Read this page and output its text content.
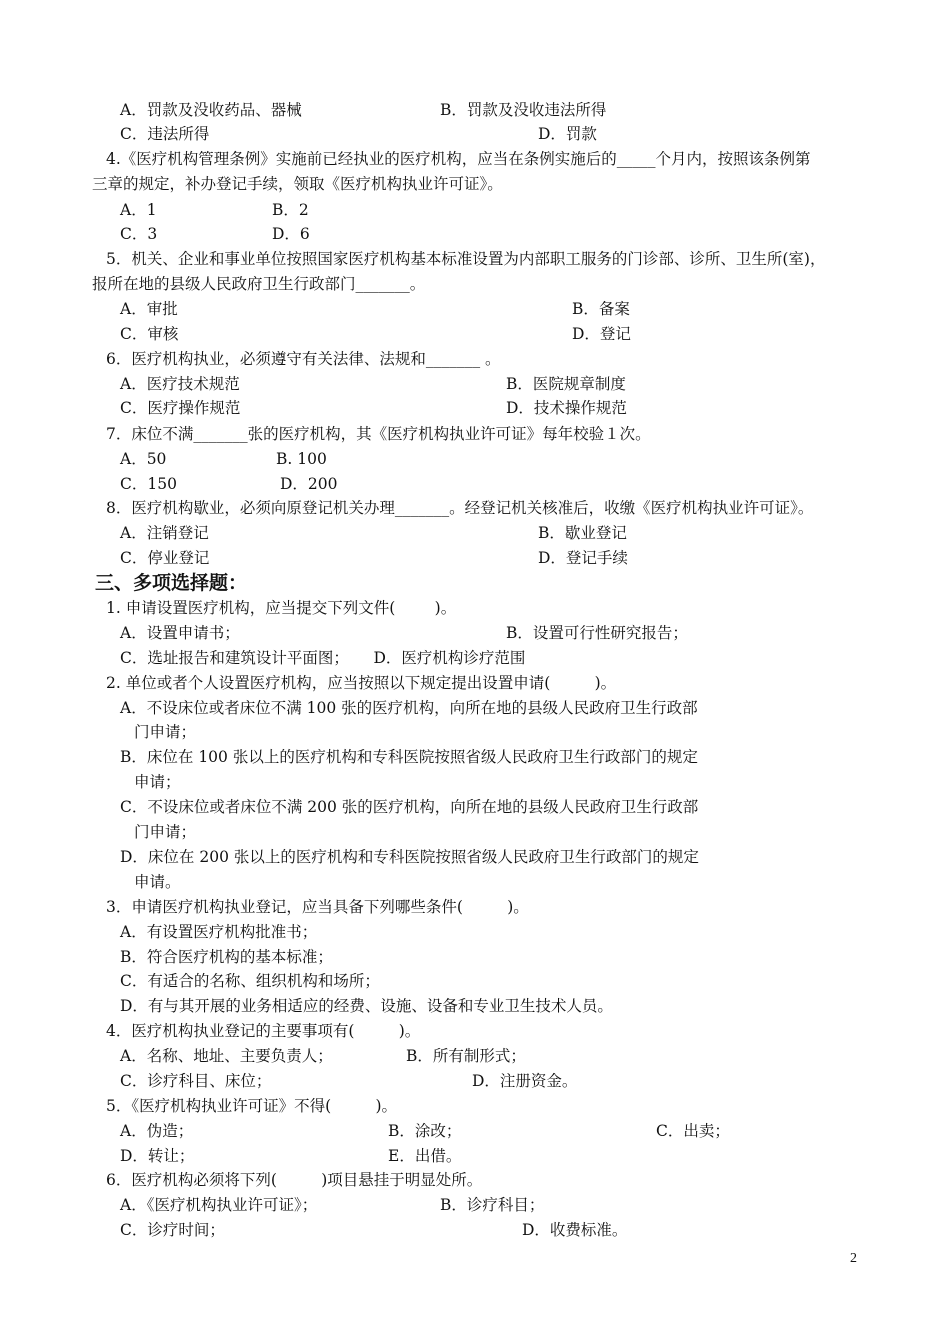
A．罚款及没收药品、器械	B．罚款及没收违法所得
C．违法所得	D．罚款
4.《医疗机构管理条例》实施前已经执业的医疗机构，应当在条例实施后的_____个月内，按照该条例第
三章的规定，补办登记手续，领取《医疗机构执业许可证》。
A．1	B．2
C．3	D．6
5．机关、企业和事业单位按照国家医疗机构基本标准设置为内部职工服务的门诊部、诊所、卫生所(室)，
报所在地的县级人民政府卫生行政部门_______。
A．审批	B．备案
C．审核	D．登记
6．医疗机构执业，必须遵守有关法律、法规和_______ 。
A．医疗技术规范	B．医院规章制度
C．医疗操作规范	D．技术操作规范
7．床位不满_______张的医疗机构，其《医疗机构执业许可证》每年校验１次。
A．50	B. 100
C．150	D．200
8．医疗机构歇业，必须向原登记机关办理_______。经登记机关核准后，收缴《医疗机构执业许可证》。
A．注销登记	B．歇业登记
C．停业登记	D．登记手续
三、多项选择题：
1. 申请设置医疗机构，应当提交下列文件(        )。
A．设置申请书；	B．设置可行性研究报告；
C．选址报告和建筑设计平面图；     D．医疗机构诊疗范围
2. 单位或者个人设置医疗机构，应当按照以下规定提出设置申请(         )。
A．不设床位或者床位不满 100 张的医疗机构，向所在地的县级人民政府卫生行政部
门申请；
B．床位在 100 张以上的医疗机构和专科医院按照省级人民政府卫生行政部门的规定
申请；
C．不设床位或者床位不满 200 张的医疗机构，向所在地的县级人民政府卫生行政部
门申请；
D．床位在 200 张以上的医疗机构和专科医院按照省级人民政府卫生行政部门的规定
申请。
3．申请医疗机构执业登记，应当具备下列哪些条件(         )。
A．有设置医疗机构批准书；
B．符合医疗机构的基本标准；
C．有适合的名称、组织机构和场所；
D．有与其开展的业务相适应的经费、设施、设备和专业卫生技术人员。
4．医疗机构执业登记的主要事项有(         )。
A．名称、地址、主要负责人；	B．所有制形式；
C．诊疗科目、床位；	D．注册资金。
5．《医疗机构执业许可证》不得(         )。
A．伪造；	B．涂改；	C．出卖；
D．转让；	E．出借。
6．医疗机构必须将下列(         )项目悬挂于明显处所。
A．《医疗机构执业许可证》；	B．诊疗科目；
C．诊疗时间；	D．收费标准。
2
